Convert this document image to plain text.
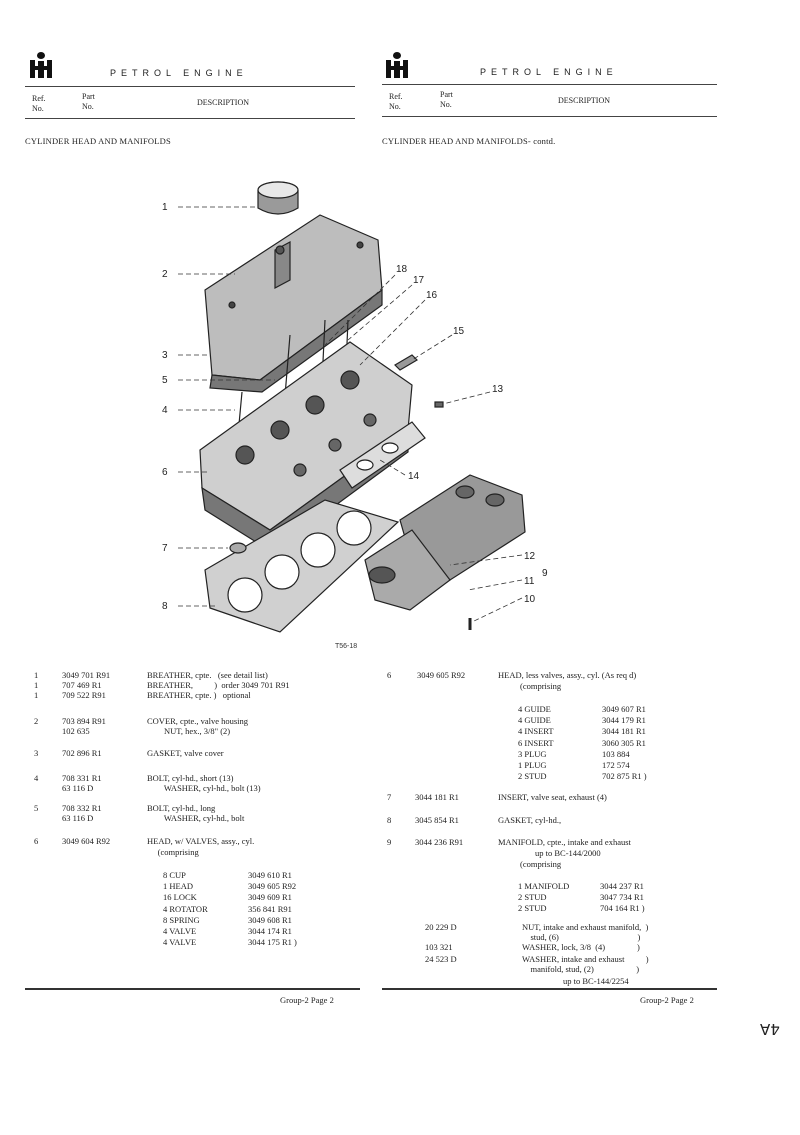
PETROL ENGINE
Ref.
No.
Part
No.	DESCRIPTION
CYLINDER HEAD AND MANIFOLDS
PETROL ENGINE
Ref.
No.
Part
No.	DESCRIPTION
CYLINDER HEAD AND MANIFOLDS- contd.
1
2
3
5
4
6
7
8
18
17
16
15
13
14
12
11
9
10
T56-18
1	3049 701 R91	BREATHER, cpte.   (see detail list)
1	707 469 R1	BREATHER,          )  order 3049 701 R91
1	709 522 R91	BREATHER, cpte. )   optional
2	703 894 R91	COVER, cpte., valve housing
102 635	NUT, hex., 3/8" (2)
3	702 896 R1	GASKET, valve cover
4	708 331 R1	BOLT, cyl-hd., short (13)
63 116 D	WASHER, cyl-hd., bolt (13)
5	708 332 R1	BOLT, cyl-hd., long
63 116 D	WASHER, cyl-hd., bolt
6	3049 604 R92	HEAD, w/ VALVES, assy., cyl.
(comprising
8 CUP	3049 610 R1
1 HEAD	3049 605 R92
16 LOCK	3049 609 R1
4 ROTATOR	356 841 R91
8 SPRING	3049 608 R1
4 VALVE	3044 174 R1
4 VALVE	3044 175 R1 )
6	3049 605 R92	HEAD, less valves, assy., cyl. (As req d)
(comprising
4 GUIDE	3049 607 R1
4 GUIDE	3044 179 R1
4 INSERT	3044 181 R1
6 INSERT	3060 305 R1
3 PLUG	103 884
1 PLUG	172 574
2 STUD	702 875 R1 )
7	3044 181 R1	INSERT, valve seat, exhaust (4)
8	3045 854 R1	GASKET, cyl-hd.,
9	3044 236 R91	MANIFOLD, cpte., intake and exhaust
up to BC-144/2000
(comprising
1 MANIFOLD	3044 237 R1
2 STUD	3047 734 R1
2 STUD	704 164 R1 )
20 229 D	NUT, intake and exhaust manifold,  )
stud, (6)                                     )
103 321	WASHER, lock, 3/8  (4)               )
24 523 D	WASHER, intake and exhaust          )
manifold, stud, (2)                    )
up to BC-144/2254
Group-2 Page 2	Group-2 Page 2
4A
